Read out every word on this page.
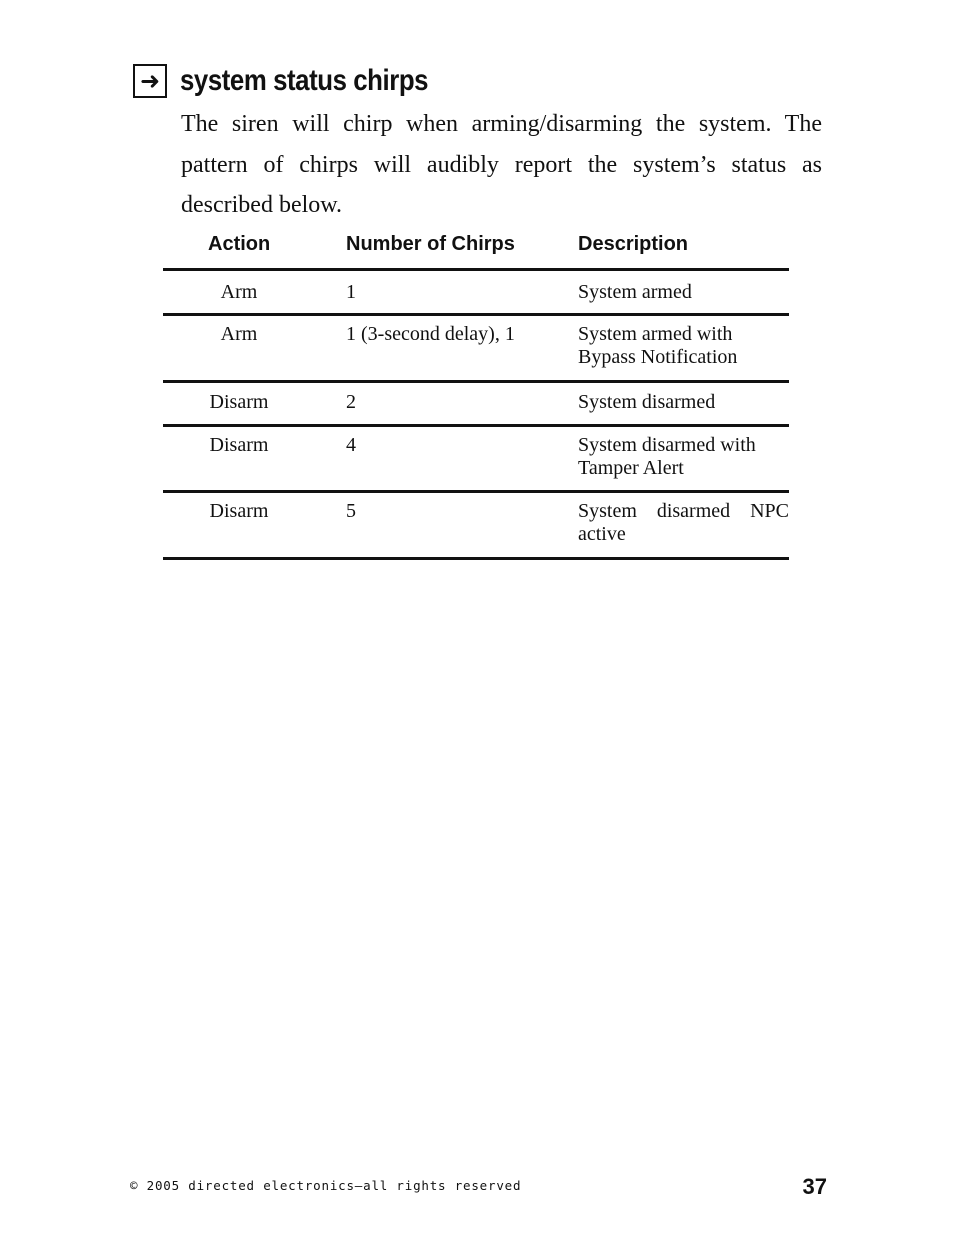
➜ system status chirps

The siren will chirp when arming/disarming the system. The pattern of chirps will audibly report the system’s status as described below.

Action	Number of Chirps	Description
Arm	1	System armed
Arm	1 (3-second delay), 1	System armed with Bypass Notification
Disarm	2	System disarmed
Disarm	4	System disarmed with Tamper Alert
Disarm	5	System disarmed NPC active
© 2005 directed electronics—all rights reserved	37
